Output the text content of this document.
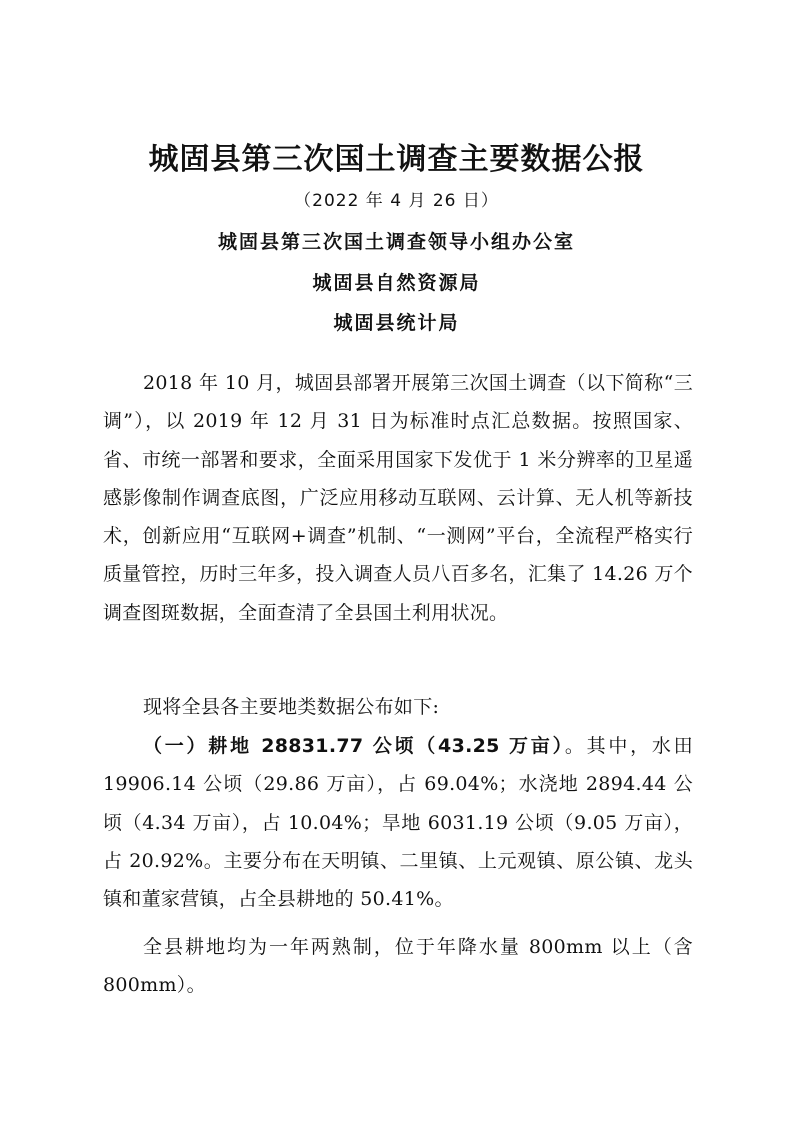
城固县第三次国土调查主要数据公报
（2022 年 4 月 26 日）
城固县第三次国土调查领导小组办公室
城固县自然资源局
城固县统计局
2018 年 10 月，城固县部署开展第三次国土调查（以下简称“三调”），以 2019 年 12 月 31 日为标准时点汇总数据。按照国家、省、市统一部署和要求，全面采用国家下发优于 1 米分辨率的卫星遥感影像制作调查底图，广泛应用移动互联网、云计算、无人机等新技术，创新应用“互联网+调查”机制、“一测网”平台，全流程严格实行质量管控，历时三年多，投入调查人员八百多名，汇集了 14.26 万个调查图斑数据，全面查清了全县国土利用状况。
现将全县各主要地类数据公布如下:
（一）耕地 28831.77 公顷（43.25 万亩）。其中，水田 19906.14 公顷（29.86 万亩），占 69.04%；水浇地 2894.44 公顷（4.34 万亩），占 10.04%；旱地 6031.19 公顷（9.05 万亩），占 20.92%。主要分布在天明镇、二里镇、上元观镇、原公镇、龙头镇和董家营镇，占全县耕地的 50.41%。
全县耕地均为一年两熟制，位于年降水量 800mm 以上（含 800mm）。
